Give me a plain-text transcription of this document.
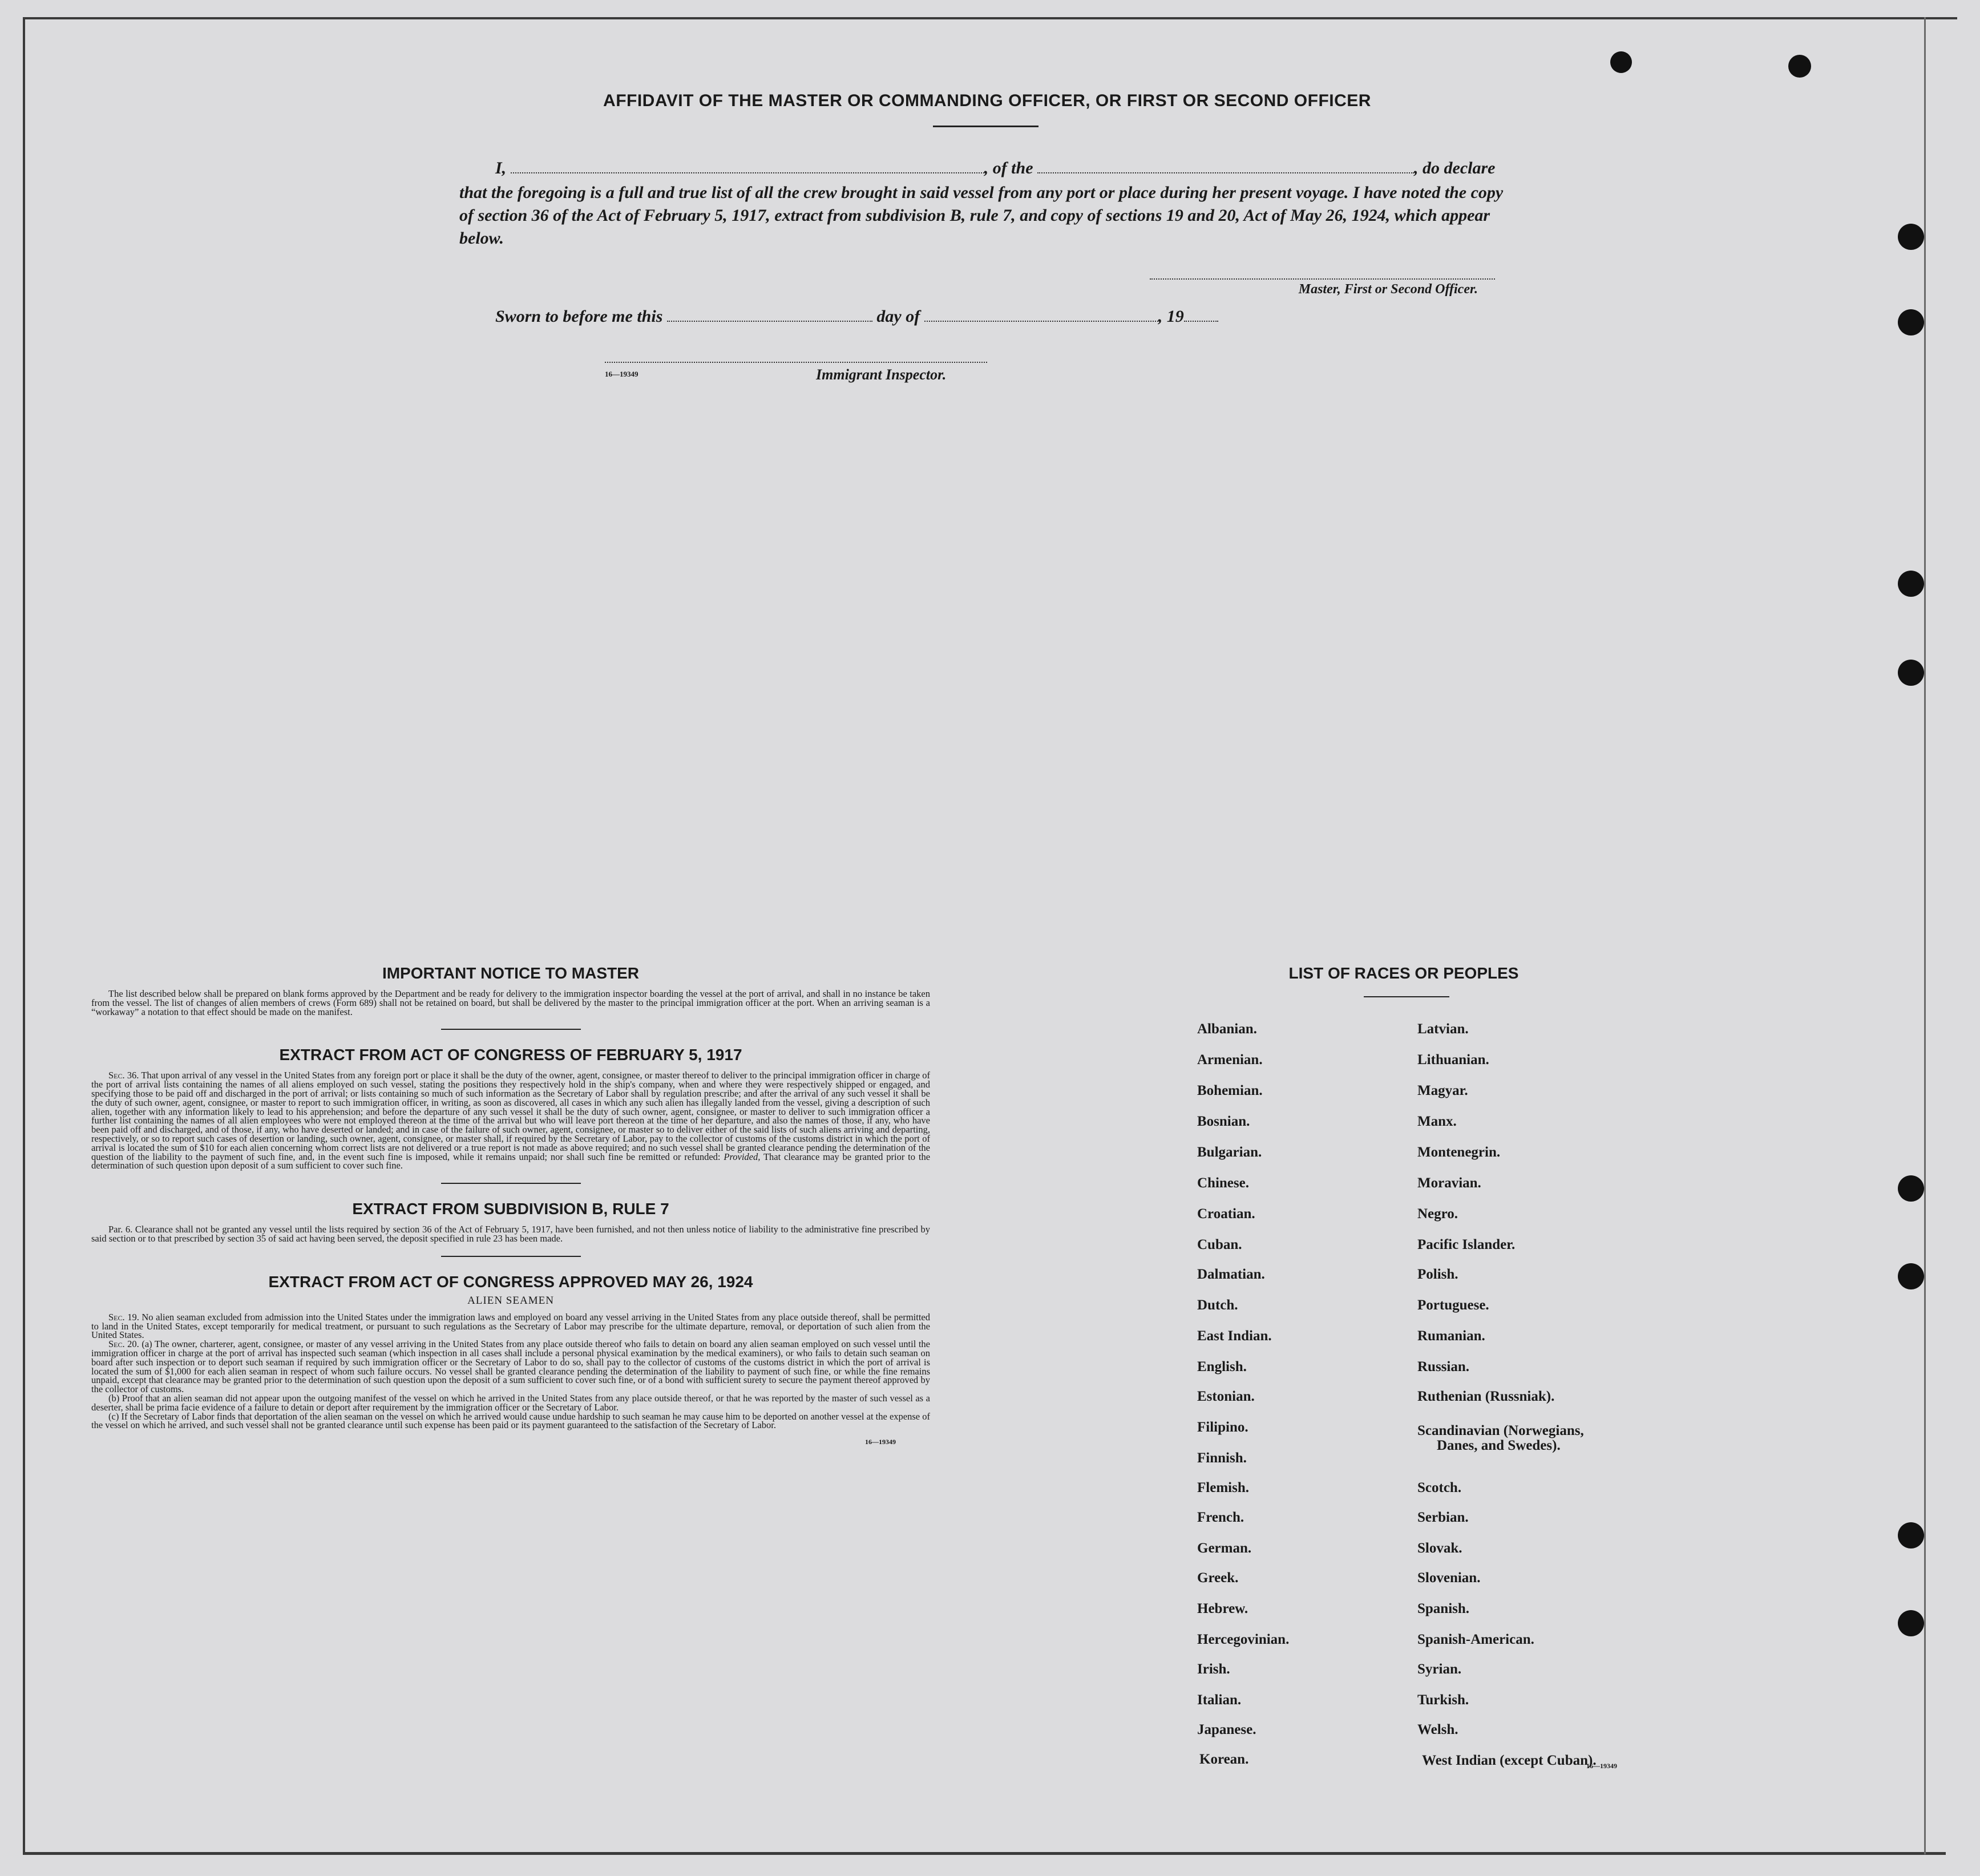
AFFIDAVIT OF THE MASTER OR COMMANDING OFFICER, OR FIRST OR SECOND OFFICER
I,	, of the	, do declare
that the foregoing is a full and true list of all the crew brought in said vessel from any port or place during her present voyage. I have noted the copy of section 36 of the Act of February 5, 1917, extract from subdivision B, rule 7, and copy of sections 19 and 20, Act of May 26, 1924, which appear below.
Master, First or Second Officer.
Sworn to before me this	day of	, 19
16—19349	Immigrant Inspector.
IMPORTANT NOTICE TO MASTER

The list described below shall be prepared on blank forms approved by the Department and be ready for delivery to the immigration inspector boarding the vessel at the port of arrival, and shall in no instance be taken from the vessel. The list of changes of alien members of crews (Form 689) shall not be retained on board, but shall be delivered by the master to the principal immigration officer at the port. When an arriving seaman is a “workaway” a notation to that effect should be made on the manifest.

EXTRACT FROM ACT OF CONGRESS OF FEBRUARY 5, 1917

Sec. 36. That upon arrival of any vessel in the United States from any foreign port or place it shall be the duty of the owner, agent, consignee, or master thereof to deliver to the principal immigration officer in charge of the port of arrival lists containing the names of all aliens employed on such vessel, stating the positions they respectively hold in the ship's company, when and where they were respectively shipped or engaged, and specifying those to be paid off and discharged in the port of arrival; or lists containing so much of such information as the Secretary of Labor shall by regulation prescribe; and after the arrival of any such vessel it shall be the duty of such owner, agent, consignee, or master to report to such immigration officer, in writing, as soon as discovered, all cases in which any such alien has illegally landed from the vessel, giving a description of such alien, together with any information likely to lead to his apprehension; and before the departure of any such vessel it shall be the duty of such owner, agent, consignee, or master to deliver to such immigration officer a further list containing the names of all alien employees who were not employed thereon at the time of the arrival but who will leave port thereon at the time of her departure, and also the names of those, if any, who have been paid off and discharged, and of those, if any, who have deserted or landed; and in case of the failure of such owner, agent, consignee, or master so to deliver either of the said lists of such aliens arriving and departing, respectively, or so to report such cases of desertion or landing, such owner, agent, consignee, or master shall, if required by the Secretary of Labor, pay to the collector of customs of the customs district in which the port of arrival is located the sum of $10 for each alien concerning whom correct lists are not delivered or a true report is not made as above required; and no such vessel shall be granted clearance pending the determination of the question of the liability to the payment of such fine, and, in the event such fine is imposed, while it remains unpaid; nor shall such fine be remitted or refunded: Provided, That clearance may be granted prior to the determination of such question upon deposit of a sum sufficient to cover such fine.

EXTRACT FROM SUBDIVISION B, RULE 7

Par. 6. Clearance shall not be granted any vessel until the lists required by section 36 of the Act of February 5, 1917, have been furnished, and not then unless notice of liability to the administrative fine prescribed by said section or to that prescribed by section 35 of said act having been served, the deposit specified in rule 23 has been made.

EXTRACT FROM ACT OF CONGRESS APPROVED MAY 26, 1924
ALIEN SEAMEN

Sec. 19. No alien seaman excluded from admission into the United States under the immigration laws and employed on board any vessel arriving in the United States from any place outside thereof, shall be permitted to land in the United States, except temporarily for medical treatment, or pursuant to such regulations as the Secretary of Labor may prescribe for the ultimate departure, removal, or deportation of such alien from the United States.

Sec. 20. (a) The owner, charterer, agent, consignee, or master of any vessel arriving in the United States from any place outside thereof who fails to detain on board any alien seaman employed on such vessel until the immigration officer in charge at the port of arrival has inspected such seaman (which inspection in all cases shall include a personal physical examination by the medical examiners), or who fails to detain such seaman on board after such inspection or to deport such seaman if required by such immigration officer or the Secretary of Labor to do so, shall pay to the collector of customs of the customs district in which the port of arrival is located the sum of $1,000 for each alien seaman in respect of whom such failure occurs. No vessel shall be granted clearance pending the determination of the liability to payment of such fine, or while the fine remains unpaid, except that clearance may be granted prior to the determination of such question upon the deposit of a sum sufficient to cover such fine, or of a bond with sufficient surety to secure the payment thereof approved by the collector of customs.

(b) Proof that an alien seaman did not appear upon the outgoing manifest of the vessel on which he arrived in the United States from any place outside thereof, or that he was reported by the master of such vessel as a deserter, shall be prima facie evidence of a failure to detain or deport after requirement by the immigration officer or the Secretary of Labor.

(c) If the Secretary of Labor finds that deportation of the alien seaman on the vessel on which he arrived would cause undue hardship to such seaman he may cause him to be deported on another vessel at the expense of the vessel on which he arrived, and such vessel shall not be granted clearance until such expense has been paid or its payment guaranteed to the satisfaction of the Secretary of Labor.

16—19349
LIST OF RACES OR PEOPLES
Albanian.
Armenian.
Bohemian.
Bosnian.
Bulgarian.
Chinese.
Croatian.
Cuban.
Dalmatian.
Dutch.
East Indian.
English.
Estonian.
Filipino.
Finnish.
Flemish.
French.
German.
Greek.
Hebrew.
Hercegovinian.
Irish.
Italian.
Japanese.
Korean.
Latvian.
Lithuanian.
Magyar.
Manx.
Montenegrin.
Moravian.
Negro.
Pacific Islander.
Polish.
Portuguese.
Rumanian.
Russian.
Ruthenian (Russniak).
Scandinavian (Norwegians,
Danes, and Swedes).
Scotch.
Serbian.
Slovak.
Slovenian.
Spanish.
Spanish-American.
Syrian.
Turkish.
Welsh.
West Indian (except Cuban).
16—19349
